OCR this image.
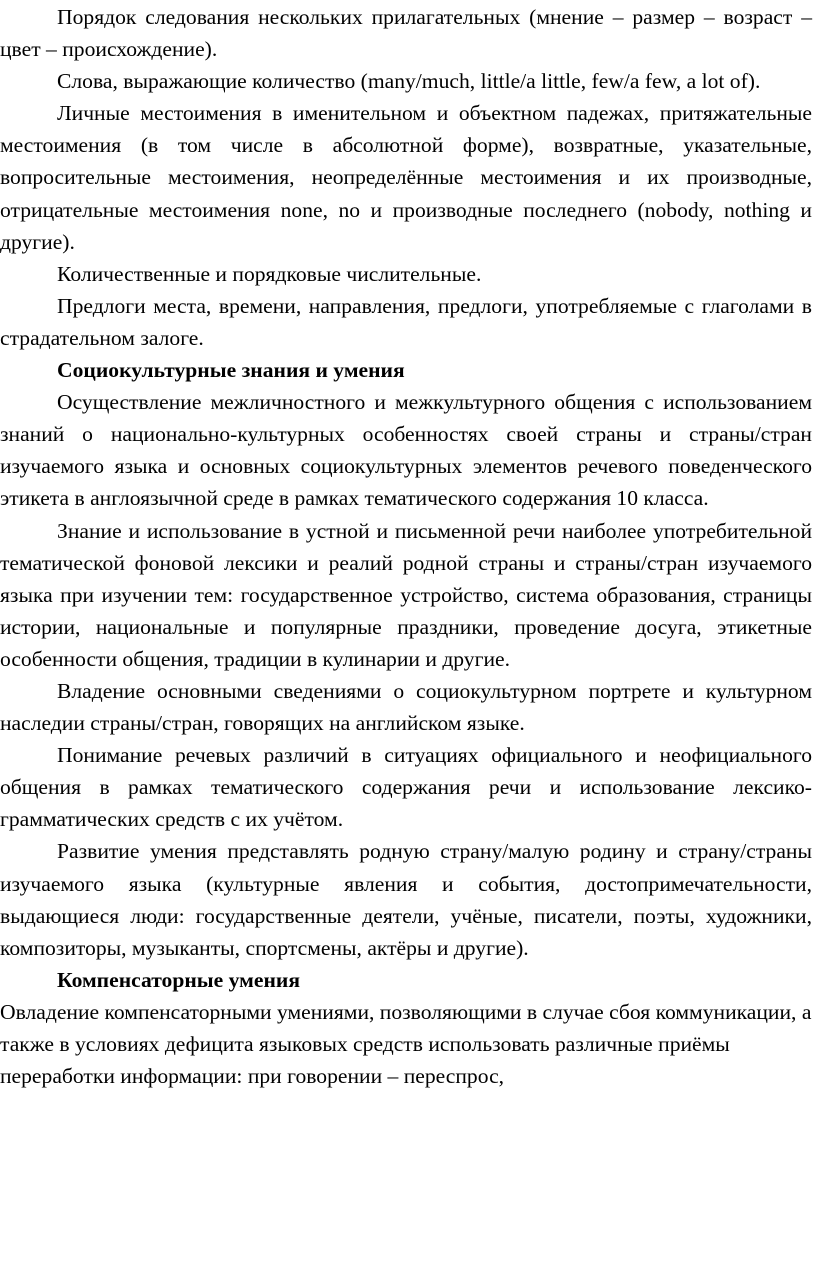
Порядок следования нескольких прилагательных (мнение – размер – возраст – цвет – происхождение).

Слова, выражающие количество (many/much, little/a little, few/a few, a lot of).

Личные местоимения в именительном и объектном падежах, притяжательные местоимения (в том числе в абсолютной форме), возвратные, указательные, вопросительные местоимения, неопределённые местоимения и их производные, отрицательные местоимения none, no и производные последнего (nobody, nothing и другие).

Количественные и порядковые числительные.

Предлоги места, времени, направления, предлоги, употребляемые с глаголами в страдательном залоге.

Социокультурные знания и умения

Осуществление межличностного и межкультурного общения с использованием знаний о национально-культурных особенностях своей страны и страны/стран изучаемого языка и основных социокультурных элементов речевого поведенческого этикета в англоязычной среде в рамках тематического содержания 10 класса.

Знание и использование в устной и письменной речи наиболее употребительной тематической фоновой лексики и реалий родной страны и страны/стран изучаемого языка при изучении тем: государственное устройство, система образования, страницы истории, национальные и популярные праздники, проведение досуга, этикетные особенности общения, традиции в кулинарии и другие.

Владение основными сведениями о социокультурном портрете и культурном наследии страны/стран, говорящих на английском языке.

Понимание речевых различий в ситуациях официального и неофициального общения в рамках тематического содержания речи и использование лексико-грамматических средств с их учётом.

Развитие умения представлять родную страну/малую родину и страну/страны изучаемого языка (культурные явления и события, достопримечательности, выдающиеся люди: государственные деятели, учёные, писатели, поэты, художники, композиторы, музыканты, спортсмены, актёры и другие).

Компенсаторные умения

Овладение компенсаторными умениями, позволяющими в случае сбоя коммуникации, а также в условиях дефицита языковых средств использовать различные приёмы переработки информации: при говорении – переспрос,
